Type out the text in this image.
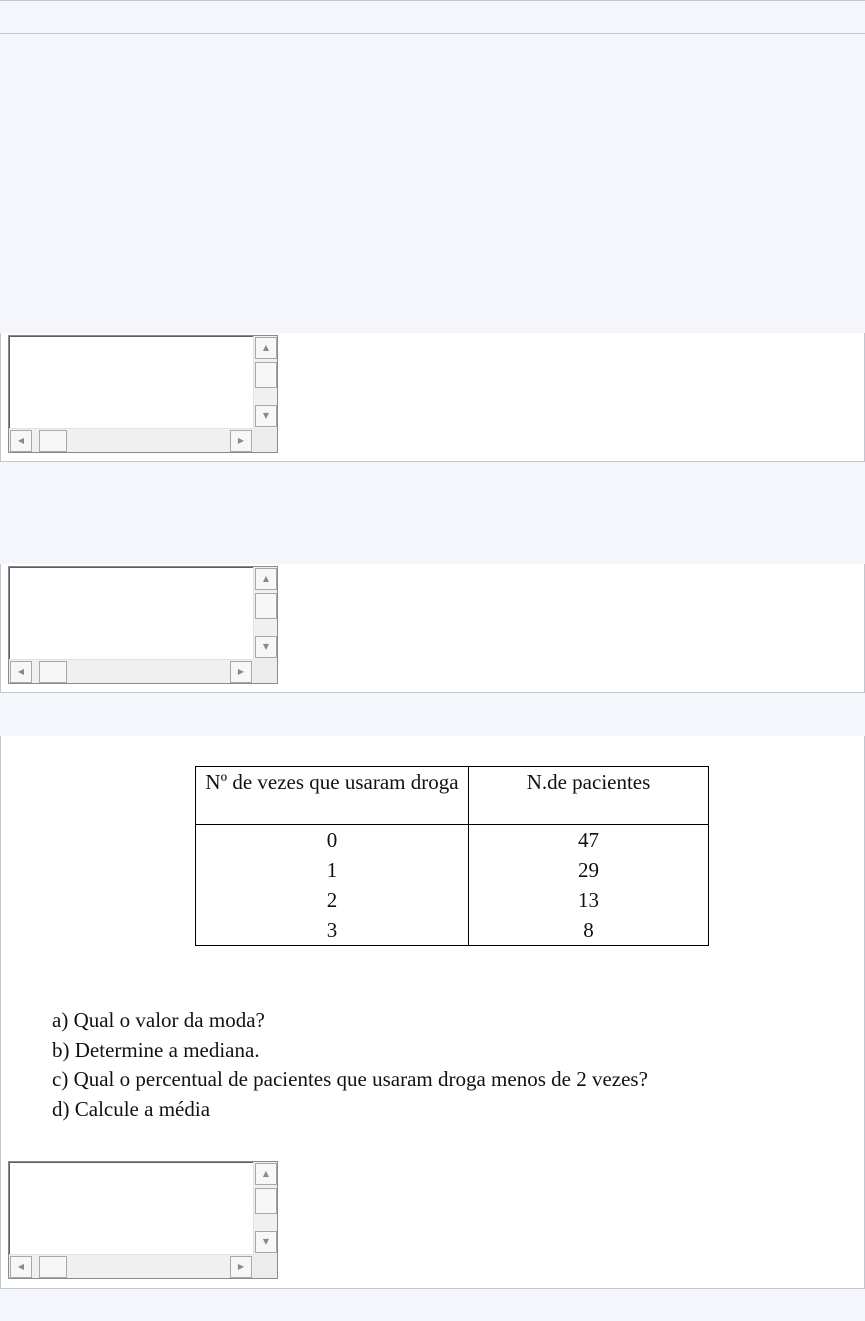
▲
▼
◀	▶
▲
▼
◀	▶
Nº de vezes que usaram droga	N.de pacientes
0	47
1	29
2	13
3	8
a) Qual o valor da moda?
b) Determine a mediana.
c) Qual o percentual de pacientes que usaram droga menos de 2 vezes?
d) Calcule a média
▲
▼
◀	▶
